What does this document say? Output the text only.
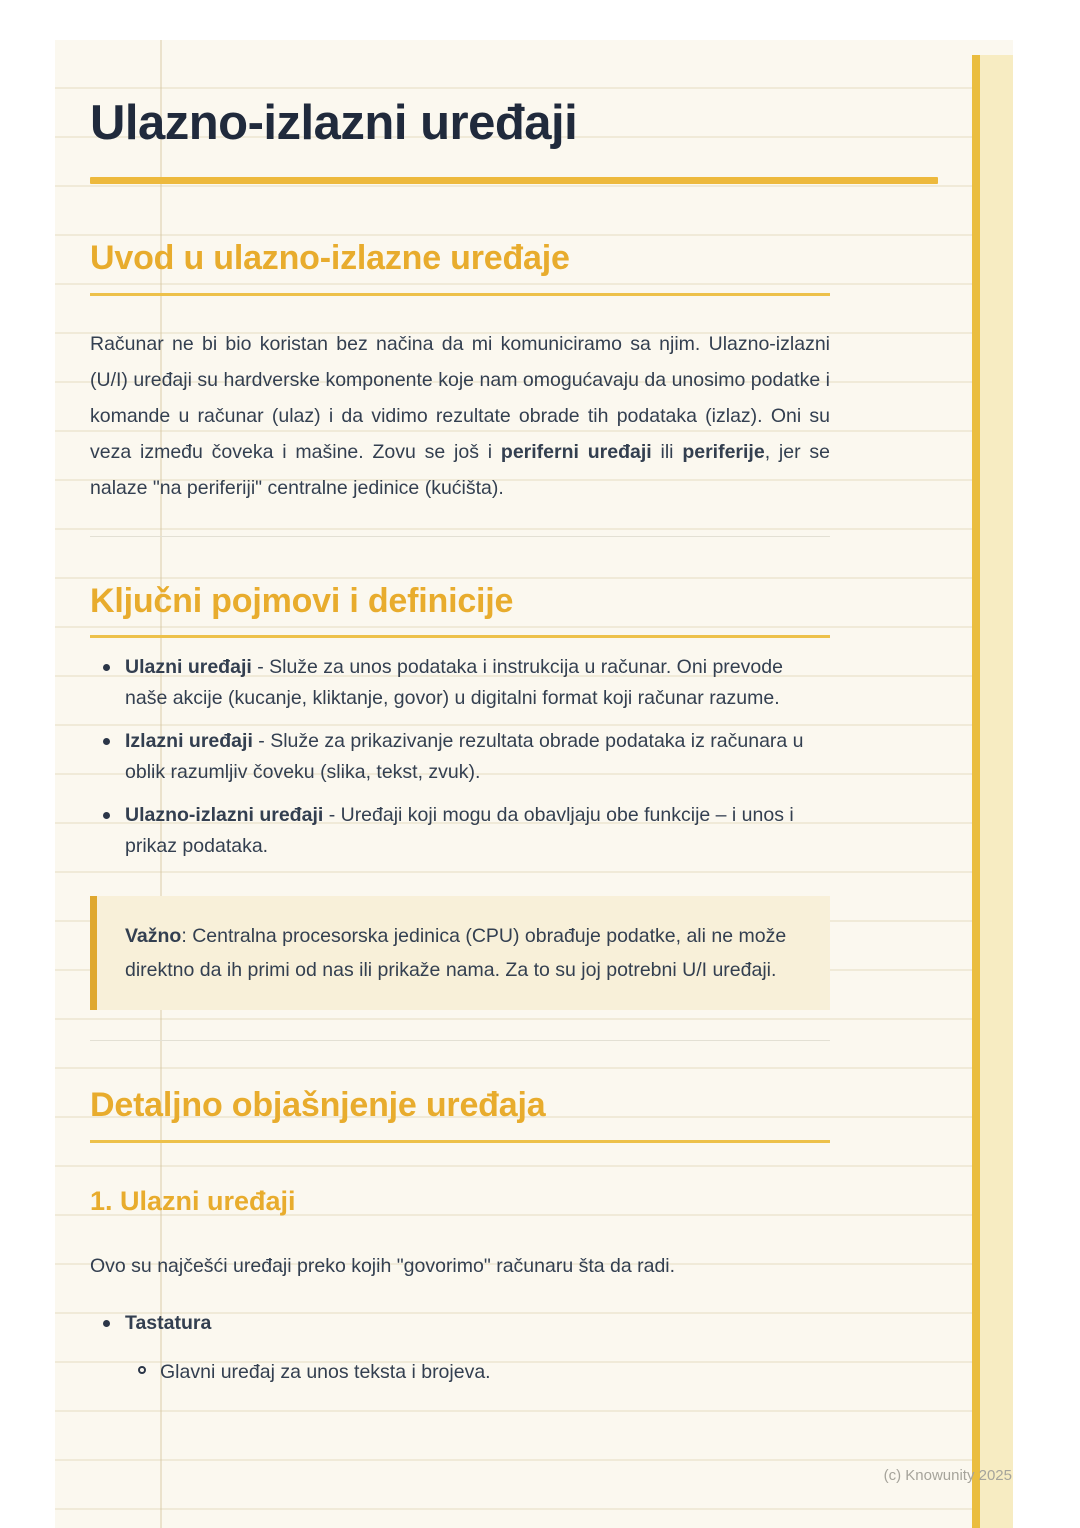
Ulazno-izlazni uređaji
Uvod u ulazno-izlazne uređaje

Računar ne bi bio koristan bez načina da mi komuniciramo sa njim. Ulazno-izlazni (U/I) uređaji su hardverske komponente koje nam omogućavaju da unosimo podatke i komande u računar (ulaz) i da vidimo rezultate obrade tih podataka (izlaz). Oni su veza između čoveka i mašine. Zovu se još i periferni uređaji ili periferije, jer se nalaze "na periferiji" centralne jedinice (kućišta).

Ključni pojmovi i definicije
Ulazni uređaji - Služe za unos podataka i instrukcija u računar. Oni prevode naše akcije (kucanje, kliktanje, govor) u digitalni format koji računar razume.
Izlazni uređaji - Služe za prikazivanje rezultata obrade podataka iz računara u oblik razumljiv čoveku (slika, tekst, zvuk).
Ulazno-izlazni uređaji - Uređaji koji mogu da obavljaju obe funkcije – i unos i prikaz podataka.
Važno: Centralna procesorska jedinica (CPU) obrađuje podatke, ali ne može direktno da ih primi od nas ili prikaže nama. Za to su joj potrebni U/I uređaji.
Detaljno objašnjenje uređaja
1. Ulazni uređaji

Ovo su najčešći uređaji preko kojih "govorimo" računaru šta da radi.

Tastatura
Glavni uređaj za unos teksta i brojeva.
(c) Knowunity 2025
